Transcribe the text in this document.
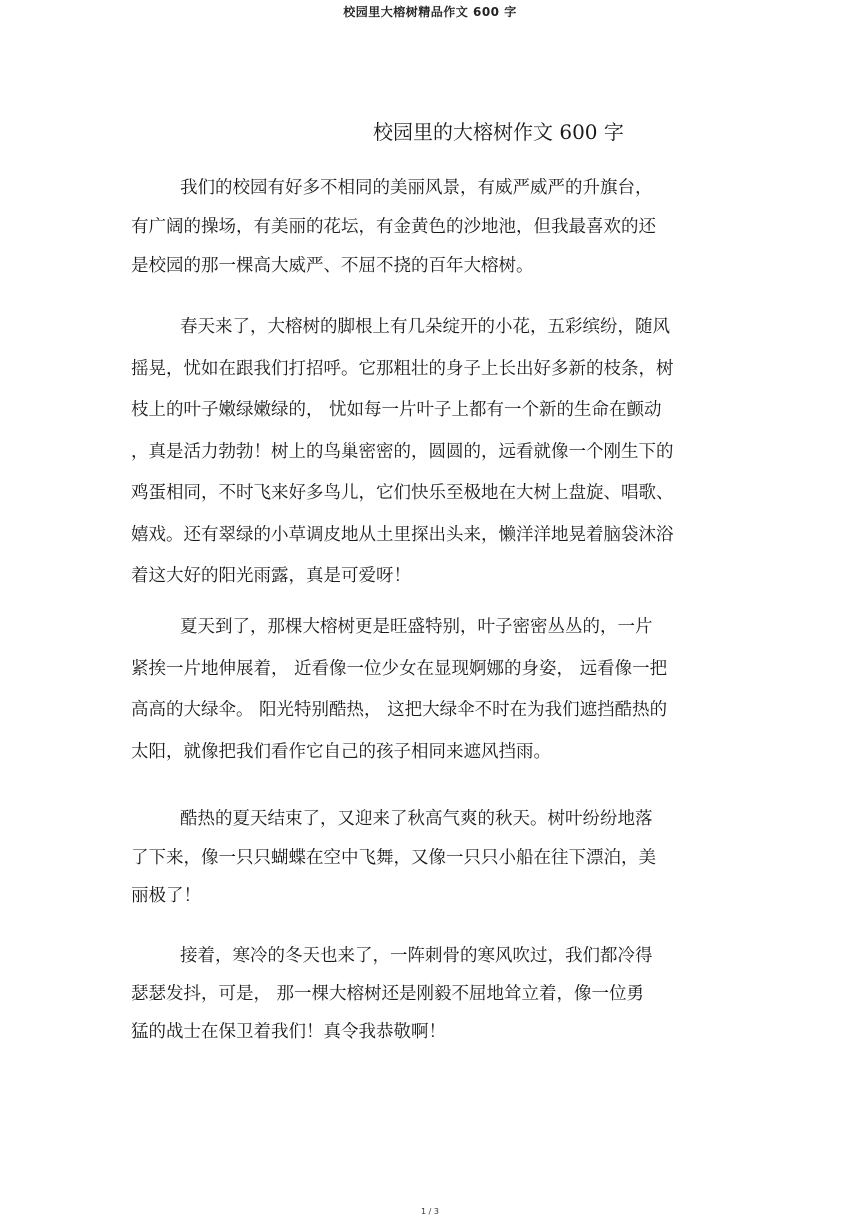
校园里大榕树精品作文 600 字
校园里的大榕树作文 600 字
我们的校园有好多不相同的美丽风景，有威严威严的升旗台，
有广阔的操场，有美丽的花坛，有金黄色的沙地池，但我最喜欢的还
是校园的那一棵高大威严、不屈不挠的百年大榕树。
春天来了，大榕树的脚根上有几朵绽开的小花，五彩缤纷，随风
摇晃，忧如在跟我们打招呼。它那粗壮的身子上长出好多新的枝条，树
枝上的叶子嫩绿嫩绿的， 忧如每一片叶子上都有一个新的生命在颤动
，真是活力勃勃！树上的鸟巢密密的，圆圆的，远看就像一个刚生下的
鸡蛋相同，不时飞来好多鸟儿，它们快乐至极地在大树上盘旋、唱歌、
嬉戏。还有翠绿的小草调皮地从土里探出头来，懒洋洋地晃着脑袋沐浴
着这大好的阳光雨露，真是可爱呀！
夏天到了，那棵大榕树更是旺盛特别，叶子密密丛丛的，一片
紧挨一片地伸展着， 近看像一位少女在显现婀娜的身姿， 远看像一把
高高的大绿伞。 阳光特别酷热， 这把大绿伞不时在为我们遮挡酷热的
太阳，就像把我们看作它自己的孩子相同来遮风挡雨。
酷热的夏天结束了，又迎来了秋高气爽的秋天。树叶纷纷地落
了下来，像一只只蝴蝶在空中飞舞，又像一只只小船在往下漂泊，美
丽极了！
接着，寒冷的冬天也来了，一阵刺骨的寒风吹过，我们都冷得
瑟瑟发抖，可是， 那一棵大榕树还是刚毅不屈地耸立着，像一位勇
猛的战士在保卫着我们！真令我恭敬啊！
1 / 3
